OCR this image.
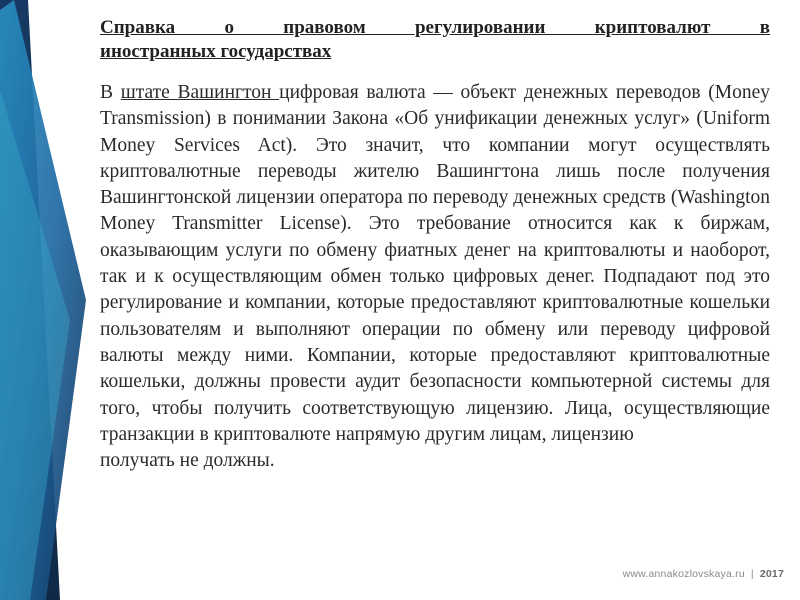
Справка о правовом регулировании криптовалют в
иностранных государствах

В штате Вашингтон цифровая валюта — объект денежных переводов (Money Transmission) в понимании Закона «Об унификации денежных услуг» (Uniform Money Services Act). Это значит, что компании могут осуществлять криптовалютные переводы жителю Вашингтона лишь после получения Вашингтонской лицензии оператора по переводу денежных средств (Washington Money Transmitter License). Это требование относится как к биржам, оказывающим услуги по обмену фиатных денег на криптовалюты и наоборот, так и к осуществляющим обмен только цифровых денег. Подпадают под это регулирование и компании, которые предоставляют криптовалютные кошельки пользователям и выполняют операции по обмену или переводу цифровой валюты между ними. Компании, которые предоставляют криптовалютные кошельки, должны провести аудит безопасности компьютерной системы для того, чтобы получить соответствующую лицензию. Лица, осуществляющие транзакции в криптовалюте напрямую другим лицам, лицензию
получать не должны.

www.annakozlovskaya.ru | 2017
